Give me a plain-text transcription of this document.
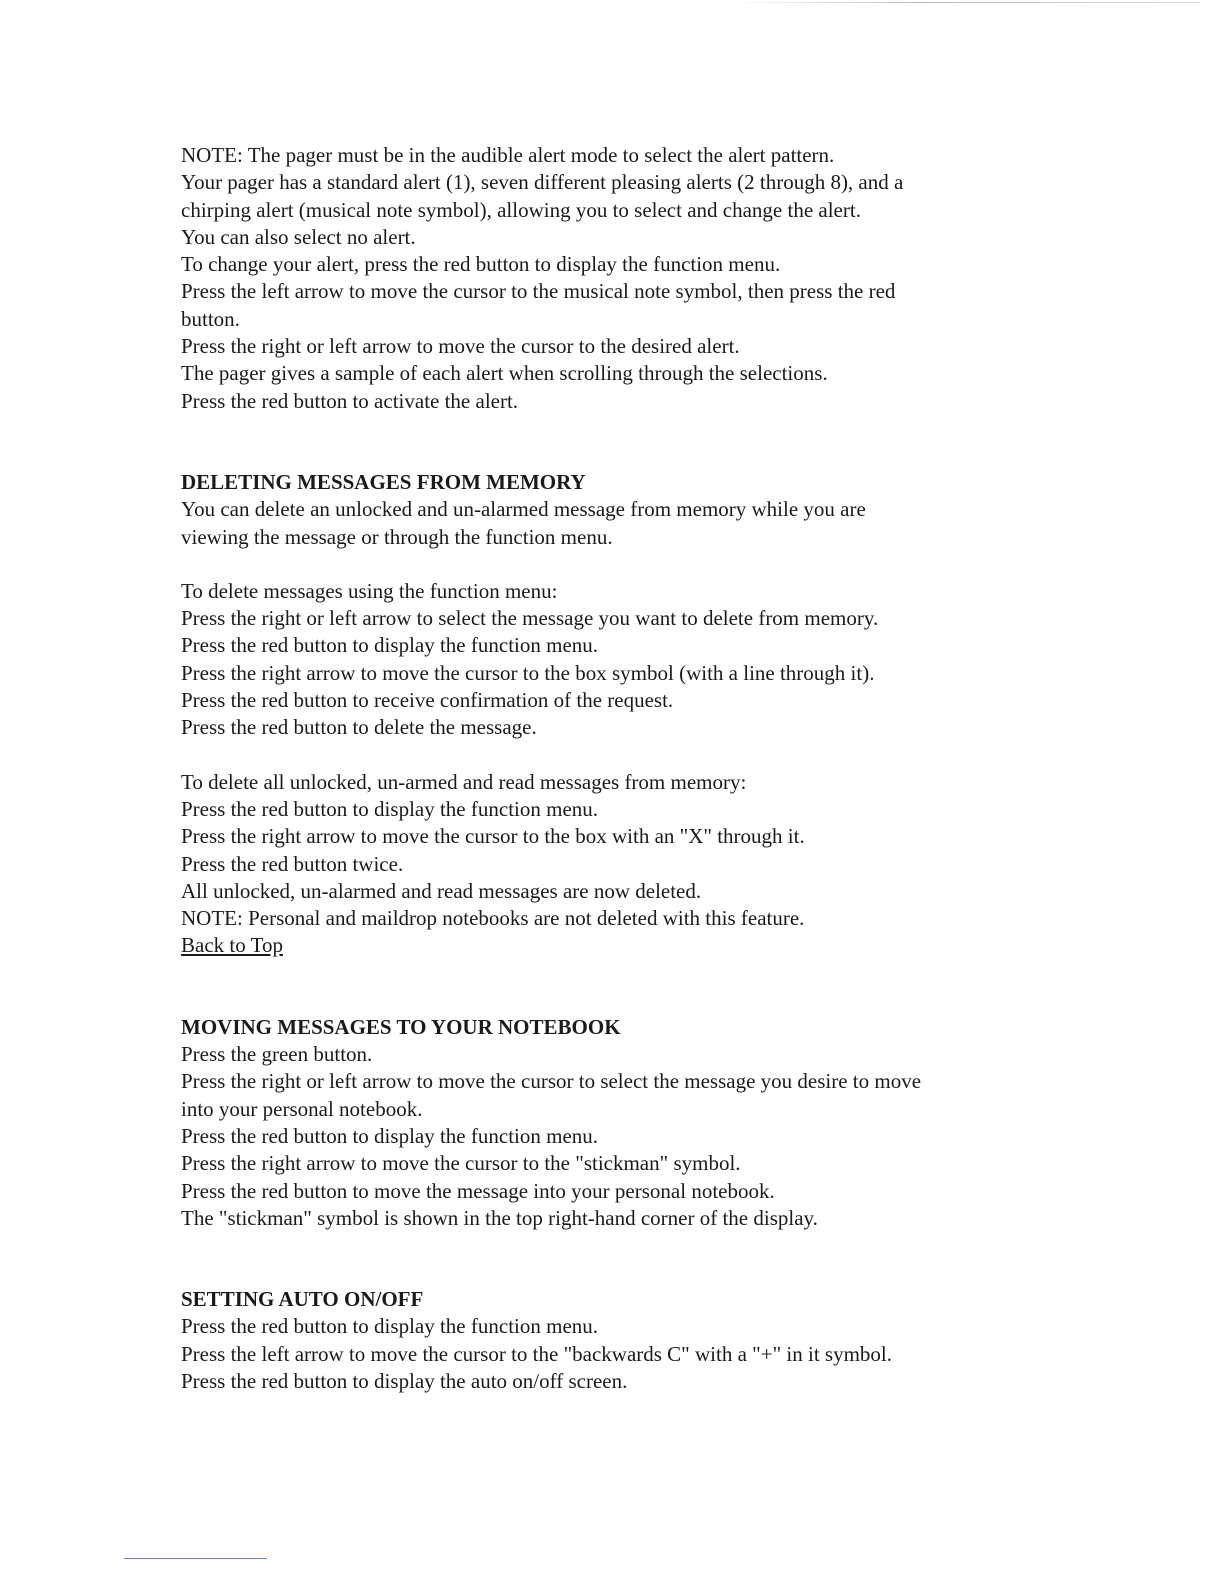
NOTE: The pager must be in the audible alert mode to select the alert pattern.

Your pager has a standard alert (1), seven different pleasing alerts (2 through 8), and a

chirping alert (musical note symbol), allowing you to select and change the alert.

You can also select no alert.

To change your alert, press the red button to display the function menu.

Press the left arrow to move the cursor to the musical note symbol, then press the red

button.

Press the right or left arrow to move the cursor to the desired alert.

The pager gives a sample of each alert when scrolling through the selections.

Press the red button to activate the alert.

DELETING MESSAGES FROM MEMORY

You can delete an unlocked and un-alarmed message from memory while you are

viewing the message or through the function menu.

To delete messages using the function menu:

Press the right or left arrow to select the message you want to delete from memory.

Press the red button to display the function menu.

Press the right arrow to move the cursor to the box symbol (with a line through it).

Press the red button to receive confirmation of the request.

Press the red button to delete the message.

To delete all unlocked, un-armed and read messages from memory:

Press the red button to display the function menu.

Press the right arrow to move the cursor to the box with an "X" through it.

Press the red button twice.

All unlocked, un-alarmed and read messages are now deleted.

NOTE: Personal and maildrop notebooks are not deleted with this feature.

Back to Top

MOVING MESSAGES TO YOUR NOTEBOOK

Press the green button.

Press the right or left arrow to move the cursor to select the message you desire to move

into your personal notebook.

Press the red button to display the function menu.

Press the right arrow to move the cursor to the "stickman" symbol.

Press the red button to move the message into your personal notebook.

The "stickman" symbol is shown in the top right-hand corner of the display.

SETTING AUTO ON/OFF

Press the red button to display the function menu.

Press the left arrow to move the cursor to the "backwards C" with a "+" in it symbol.

Press the red button to display the auto on/off screen.
